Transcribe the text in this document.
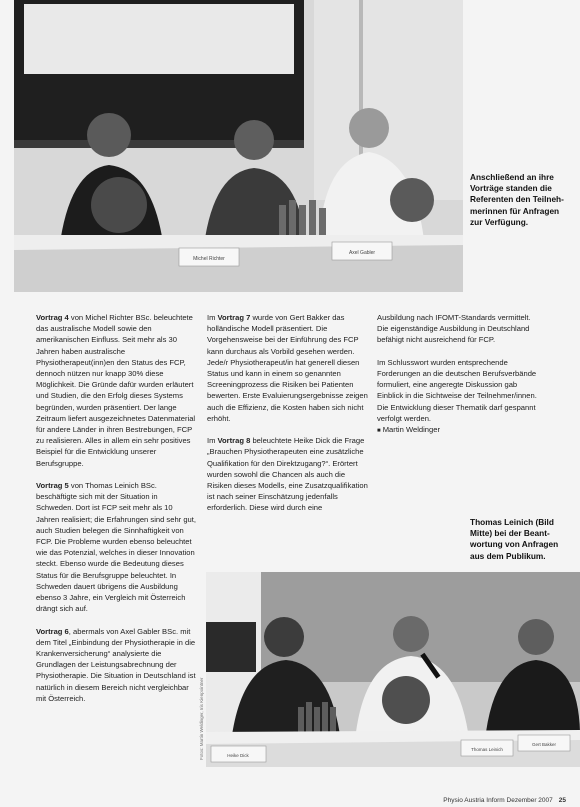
Michel Richter
Axel Gabler
Anschließend an ihre
Vorträge standen die
Referenten den Teilneh-
merinnen für Anfragen
zur Verfügung.

Vortrag 4 von Michel Richter BSc. beleuchtete das australische Modell sowie den amerikanischen Einfluss. Seit mehr als 30 Jahren haben australische Physiotherapeut(inn)en den Status des FCP, dennoch nützen nur knapp 30% diese Möglichkeit. Die Gründe dafür wurden erläutert und Studien, die den Erfolg dieses Systems begründen, wurden präsentiert. Der lange Zeitraum liefert ausgezeichnetes Datenmaterial für andere Länder in ihren Bestrebungen, FCP zu realisieren. Alles in allem ein sehr positives Beispiel für die Entwicklung unserer Berufsgruppe.

Vortrag 5 von Thomas Leinich BSc. beschäftigte sich mit der Situation in Schweden. Dort ist FCP seit mehr als 10 Jahren realisiert; die Erfahrungen sind sehr gut, auch Studien belegen die Sinnhaftigkeit von FCP. Die Probleme wurden ebenso beleuchtet wie das Potenzial, welches in dieser Innovation steckt. Ebenso wurde die Bedeutung dieses Status für die Berufsgruppe beleuchtet. In Schweden dauert übrigens die Ausbildung ebenso 3 Jahre, ein Vergleich mit Österreich drängt sich auf.

Vortrag 6, abermals von Axel Gabler BSc. mit dem Titel „Einbindung der Physiotherapie in die Krankenversicherung“ analysierte die Grundlagen der Leistungsabrechnung der Physiotherapie. Die Situation in Deutschland ist natürlich in diesem Bereich nicht vergleichbar mit Österreich.	Fotos: Martin Weldinger, Iris Kienpointner

Im Vortrag 7 wurde von Gert Bakker das holländische Modell präsentiert. Die Vorgehensweise bei der Einführung des FCP kann durchaus als Vorbild gesehen werden. Jede/r Physiotherapeut/in hat generell diesen Status und kann in einem so genannten Screeningprozess die Risiken bei Patienten bewerten. Erste Evaluierungsergebnisse zeigen auch die Effizienz, die Kosten haben sich nicht erhöht.

Im Vortrag 8 beleuchtete Heike Dick die Frage „Brauchen Physiotherapeuten eine zusätzliche Qualifikation für den Direktzugang?“. Erörtert wurden sowohl die Chancen als auch die Risiken dieses Modells, eine Zusatzqualifikation ist nach seiner Einschätzung jedenfalls erforderlich. Diese wird durch eine

Ausbildung nach IFOMT-Standards vermittelt. Die eigenständige Ausbildung in Deutschland befähigt nicht ausreichend für FCP.

Im Schlusswort wurden entsprechende Forderungen an die deutschen Berufsverbände formuliert, eine angeregte Diskussion gab Einblick in die Sichtweise der Teilnehmer/innen. Die Entwicklung dieser Thematik darf gespannt verfolgt werden.
■ Martin Weldinger

Thomas Leinich (Bild
Mitte) bei der Beant-
wortung von Anfragen
aus dem Publikum.
Heike Dick
Thomas Leinich
Gert Bakker
Physio Austria Inform Dezember 2007 25
